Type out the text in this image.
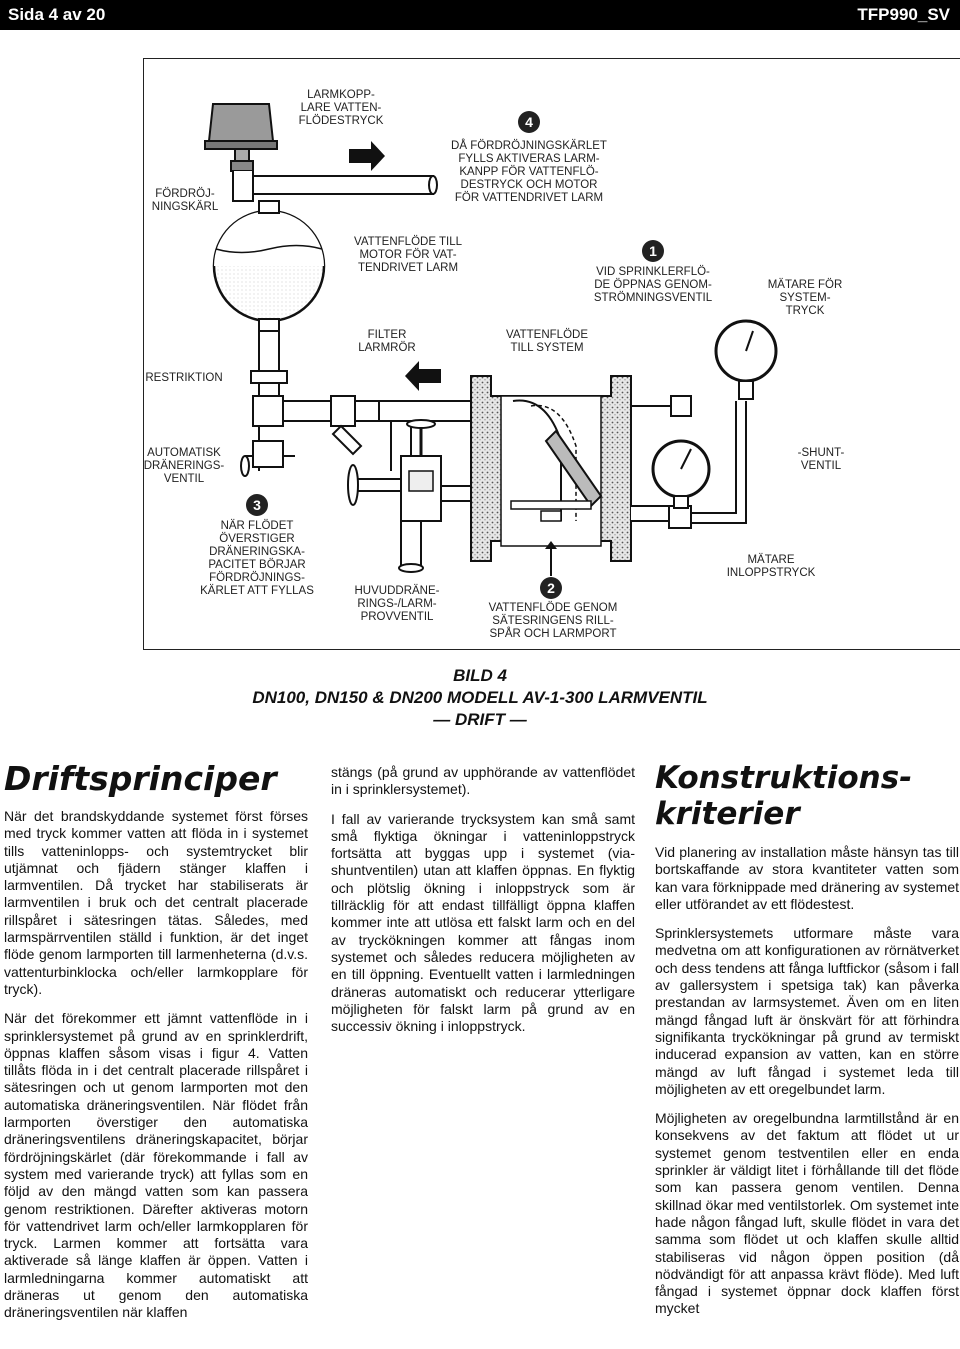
Sida 4 av 20	TFP990_SV
4
1
3
2
FÖRDRÖJ-NINGSKÄRL
LARMKOPP-LARE VATTEN-FLÖDESTRYCK
DÅ FÖRDRÖJNINGSKÄRLET FYLLS AKTIVERAS LARM-KANPP FÖR VATTENFLÖ-DESTRYCK OCH MOTOR FÖR VATTENDRIVET LARM
VATTENFLÖDE TILL MOTOR FÖR VAT-TENDRIVET LARM	VID SPRINKLERFLÖ-DE ÖPPNAS GENOM-STRÖMNINGSVENTIL
MÄTARE FÖR SYSTEM-TRYCK
FILTER LARMRÖR
VATTENFLÖDE TILL SYSTEM
RESTRIKTION
AUTOMATISK DRÄNERINGS-VENTIL
-SHUNT-VENTIL
NÄR FLÖDET ÖVERSTIGER DRÄNERINGSKA-PACITET BÖRJAR FÖRDRÖJNINGS-KÄRLET ATT FYLLAS	HUVUDDRÄNE-RINGS-/LARM-PROVVENTIL
VATTENFLÖDE GENOM SÄTESRINGENS RILL-SPÅR OCH LARMPORT
MÄTARE INLOPPSTRYCK
BILD 4
DN100, DN150 & DN200 MODELL AV-1-300 LARMVENTIL
— DRIFT —
Driftsprinciper

När det brandskyddande systemet först förses med tryck kommer vatten att flöda in i systemet tills vatteninlopps- och systemtrycket blir utjämnat och fjädern stänger klaffen i larmventilen. Då trycket har stabiliserats är larmventilen i bruk och det centralt placerade rillspåret i sätesringen tätas. Således, med larmspärrventilen ställd i funktion, är det inget flöde genom larmporten till larmenheterna (d.v.s. vattenturbinklocka och/eller larmkopplare för tryck).

När det förekommer ett jämnt vattenflöde in i sprinklersystemet på grund av en sprinklerdrift, öppnas klaffen såsom visas i figur 4. Vatten tillåts flöda in i det centralt placerade rillspåret i sätesringen och ut genom larmporten mot den automatiska dräneringsventilen. När flödet från larmporten överstiger den automatiska dräneringsventilens dräneringskapacitet, börjar fördröjningskärlet (där förekommande i fall av system med varierande tryck) att fyllas som en följd av den mängd vatten som kan passera genom restriktionen. Därefter aktiveras motorn för vattendrivet larm och/eller larmkopplaren för tryck. Larmen kommer att fortsätta vara aktiverade så länge klaffen är öppen. Vatten i larmledningarna kommer automatiskt att dräneras ut genom den automatiska dräneringsventilen när klaffen

stängs (på grund av upphörande av vattenflödet in i sprinklersystemet).

I fall av varierande trycksystem kan små samt små flyktiga ökningar i vatteninloppstryck fortsätta att byggas upp i systemet (via-shuntventilen) utan att klaffen öppnas. En flyktig och plötslig ökning i inloppstryck som är tillräcklig för att endast tillfälligt öppna klaffen kommer inte att utlösa ett falskt larm och en del av tryckökningen kommer att fångas inom systemet och således reducera möjligheten av en till öppning. Eventuellt vatten i larmledningen dräneras automatiskt och reducerar ytterligare möjligheten för falskt larm på grund av en successiv ökning i inloppstryck.

Konstruktions-
kriterier

Vid planering av installation måste hänsyn tas till bortskaffande av stora kvantiteter vatten som kan vara förknippade med dränering av systemet eller utförandet av ett flödestest.

Sprinklersystemets utformare måste vara medvetna om att konfigurationen av rörnätverket och dess tendens att fånga luftfickor (såsom i fall av gallersystem i spetsiga tak) kan påverka prestandan av larmsystemet. Även om en liten mängd fångad luft är önskvärt för att förhindra signifikanta tryckökningar på grund av termiskt inducerad expansion av vatten, kan en större mängd av luft fångad i systemet leda till möjligheten av ett oregelbundet larm.

Möjligheten av oregelbundna larmtillstånd är en konsekvens av det faktum att flödet ut ur systemet genom testventilen eller en enda sprinkler är väldigt litet i förhållande till det flöde som kan passera genom ventilen. Denna skillnad ökar med ventilstorlek. Om systemet inte hade någon fångad luft, skulle flödet in vara det samma som flödet ut och klaffen skulle alltid stabiliseras vid någon öppen position (då nödvändigt för att anpassa krävt flöde). Med luft fångad i systemet öppnar dock klaffen först mycket
